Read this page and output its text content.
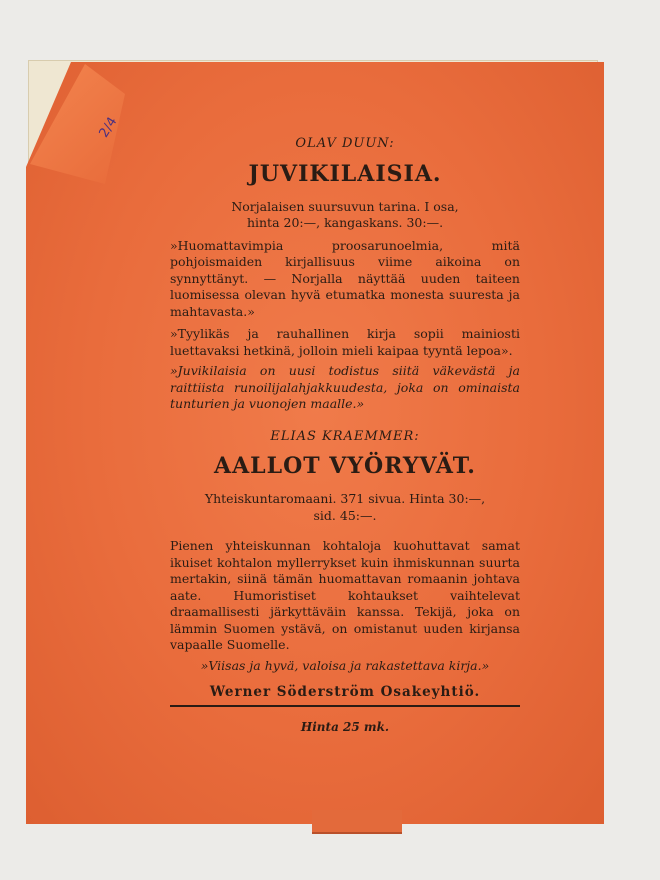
2/4
OLAV DUUN:
JUVIKILAISIA.
Norjalaisen suursuvun tarina. I osa,
hinta 20:—, kangaskans. 30:—.
»Huomattavimpia proosarunoelmia, mitä pohjoismaiden kirjallisuus viime aikoina on synnyttänyt. — Norjalla näyttää uuden taiteen luomisessa olevan hyvä etumatka monesta suuresta ja mahtavasta.»
»Tyylikäs ja rauhallinen kirja sopii mainiosti luettavaksi hetkinä, jolloin mieli kaipaa tyyntä lepoa».
»Juvikilaisia on uusi todistus siitä väkevästä ja raittiista runoilijalahjakkuudesta, joka on ominaista tunturien ja vuonojen maalle.»
ELIAS KRAEMMER:
AALLOT VYÖRYVÄT.
Yhteiskuntaromaani. 371 sivua. Hinta 30:—,
sid. 45:—.
Pienen yhteiskunnan kohtaloja kuohuttavat samat ikuiset kohtalon myllerrykset kuin ihmiskunnan suurta mertakin, siinä tämän huomattavan romaanin johtava aate. Humoristiset kohtaukset vaihtelevat draamallisesti järkyttäväin kanssa. Tekijä, joka on lämmin Suomen ystävä, on omistanut uuden kirjansa vapaalle Suomelle.
»Viisas ja hyvä, valoisa ja rakastettava kirja.»
Werner Söderström Osakeyhtiö.
Hinta 25 mk.
